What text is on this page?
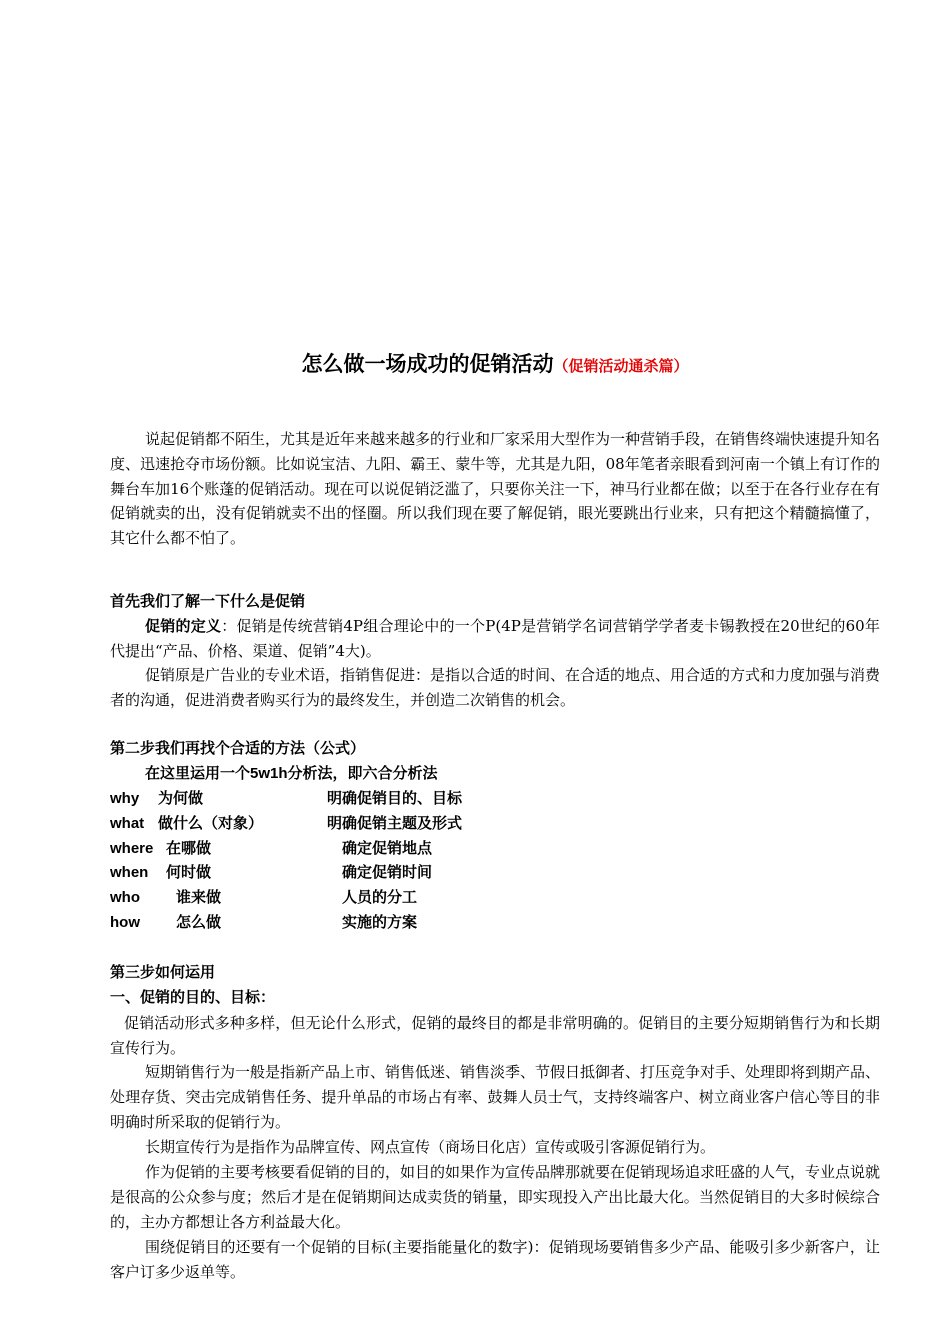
怎么做一场成功的促销活动（促销活动通杀篇）

说起促销都不陌生，尤其是近年来越来越多的行业和厂家采用大型作为一种营销手段，在销售终端快速提升知名度、迅速抢夺市场份额。比如说宝洁、九阳、霸王、蒙牛等，尤其是九阳，08年笔者亲眼看到河南一个镇上有订作的舞台车加16个账蓬的促销活动。现在可以说促销泛滥了，只要你关注一下，神马行业都在做；以至于在各行业存在有促销就卖的出，没有促销就卖不出的怪圈。所以我们现在要了解促销，眼光要跳出行业来，只有把这个精髓搞懂了，其它什么都不怕了。

首先我们了解一下什么是促销

促销的定义：促销是传统营销4P组合理论中的一个P(4P是营销学名词营销学学者麦卡锡教授在20世纪的60年代提出“产品、价格、渠道、促销”4大)。

促销原是广告业的专业术语，指销售促进：是指以合适的时间、在合适的地点、用合适的方式和力度加强与消费者的沟通，促进消费者购买行为的最终发生，并创造二次销售的机会。

第二步我们再找个合适的方法（公式）
在这里运用一个5w1h分析法，即六合分析法
why 为何做	明确促销目的、目标
what 做什么（对象）	明确促销主题及形式
where 在哪做	确定促销地点
when 何时做	确定促销时间
who 谁来做	人员的分工
how 怎么做	实施的方案
第三步如何运用
一、促销的目的、目标：

促销活动形式多种多样，但无论什么形式，促销的最终目的都是非常明确的。促销目的主要分短期销售行为和长期宣传行为。

短期销售行为一般是指新产品上市、销售低迷、销售淡季、节假日抵御者、打压竞争对手、处理即将到期产品、处理存货、突击完成销售任务、提升单品的市场占有率、鼓舞人员士气，支持终端客户、树立商业客户信心等目的非明确时所采取的促销行为。

长期宣传行为是指作为品牌宣传、网点宣传（商场日化店）宣传或吸引客源促销行为。

作为促销的主要考核要看促销的目的，如目的如果作为宣传品牌那就要在促销现场追求旺盛的人气，专业点说就是很高的公众参与度；然后才是在促销期间达成卖货的销量，即实现投入产出比最大化。当然促销目的大多时候综合的，主办方都想让各方利益最大化。

围绕促销目的还要有一个促销的目标(主要指能量化的数字)：促销现场要销售多少产品、能吸引多少新客户，让客户订多少返单等。
